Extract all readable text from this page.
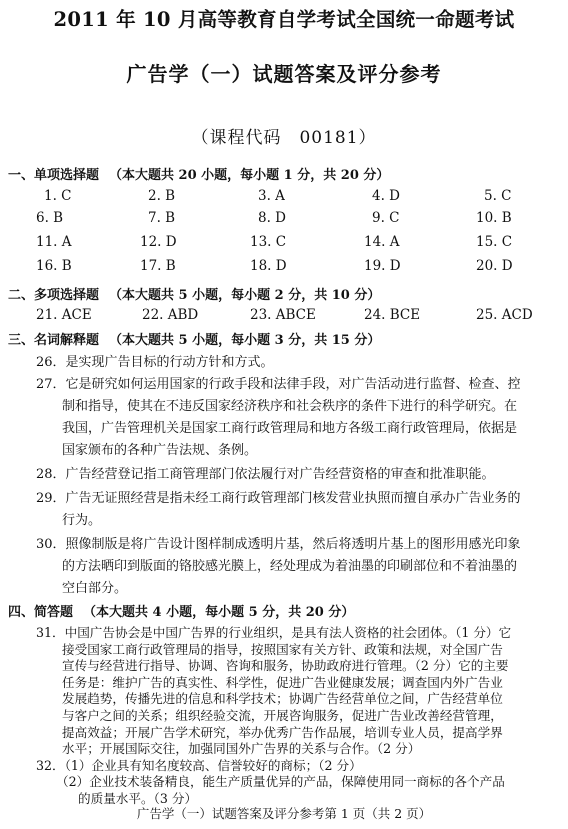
2011 年 10 月高等教育自学考试全国统一命题考试
广告学（一）试题答案及评分参考
（课程代码　00181）
一、单项选择题 （本大题共 20 小题，每小题 1 分，共 20 分）
1. C	2. B	3. A	4. D	5. C
6. B	7. B	8. D	9. C	10. B
11. A	12. D	13. C	14. A	15. C
16. B	17. B	18. D	19. D	20. D
二、多项选择题 （本大题共 5 小题，每小题 2 分，共 10 分）
21. ACE	22. ABD	23. ABCE	24. BCE	25. ACD
三、名词解释题 （本大题共 5 小题，每小题 3 分，共 15 分）
26．是实现广告目标的行动方针和方式。
27．它是研究如何运用国家的行政手段和法律手段，对广告活动进行监督、检查、控
制和指导，使其在不违反国家经济秩序和社会秩序的条件下进行的科学研究。在
我国，广告管理机关是国家工商行政管理局和地方各级工商行政管理局，依据是
国家颁布的各种广告法规、条例。
28．广告经营登记指工商管理部门依法履行对广告经营资格的审查和批准职能。
29．广告无证照经营是指未经工商行政管理部门核发营业执照而擅自承办广告业务的
行为。
30．照像制版是将广告设计图样制成透明片基，然后将透明片基上的图形用感光印象
的方法晒印到版面的铬胶感光膜上，经处理成为着油墨的印刷部位和不着油墨的
空白部分。
四、简答题 （本大题共 4 小题，每小题 5 分，共 20 分）
31．中国广告协会是中国广告界的行业组织，是具有法人资格的社会团体。（1 分）它
接受国家工商行政管理局的指导，按照国家有关方针、政策和法规，对全国广告
宣传与经营进行指导、协调、咨询和服务，协助政府进行管理。（2 分）它的主要
任务是：维护广告的真实性、科学性，促进广告业健康发展；调查国内外广告业
发展趋势，传播先进的信息和科学技术；协调广告经营单位之间，广告经营单位
与客户之间的关系；组织经验交流，开展咨询服务，促进广告业改善经营管理，
提高效益；开展广告学术研究，举办优秀广告作品展，培训专业人员，提高学界
水平；开展国际交往，加强同国外广告界的关系与合作。（2 分）
32．（1）企业具有知名度较高、信誉较好的商标；（2 分）
（2）企业技术装备精良，能生产质量优异的产品，保障使用同一商标的各个产品
的质量水平。（3 分）
广告学（一）试题答案及评分参考第 1 页（共 2 页）
